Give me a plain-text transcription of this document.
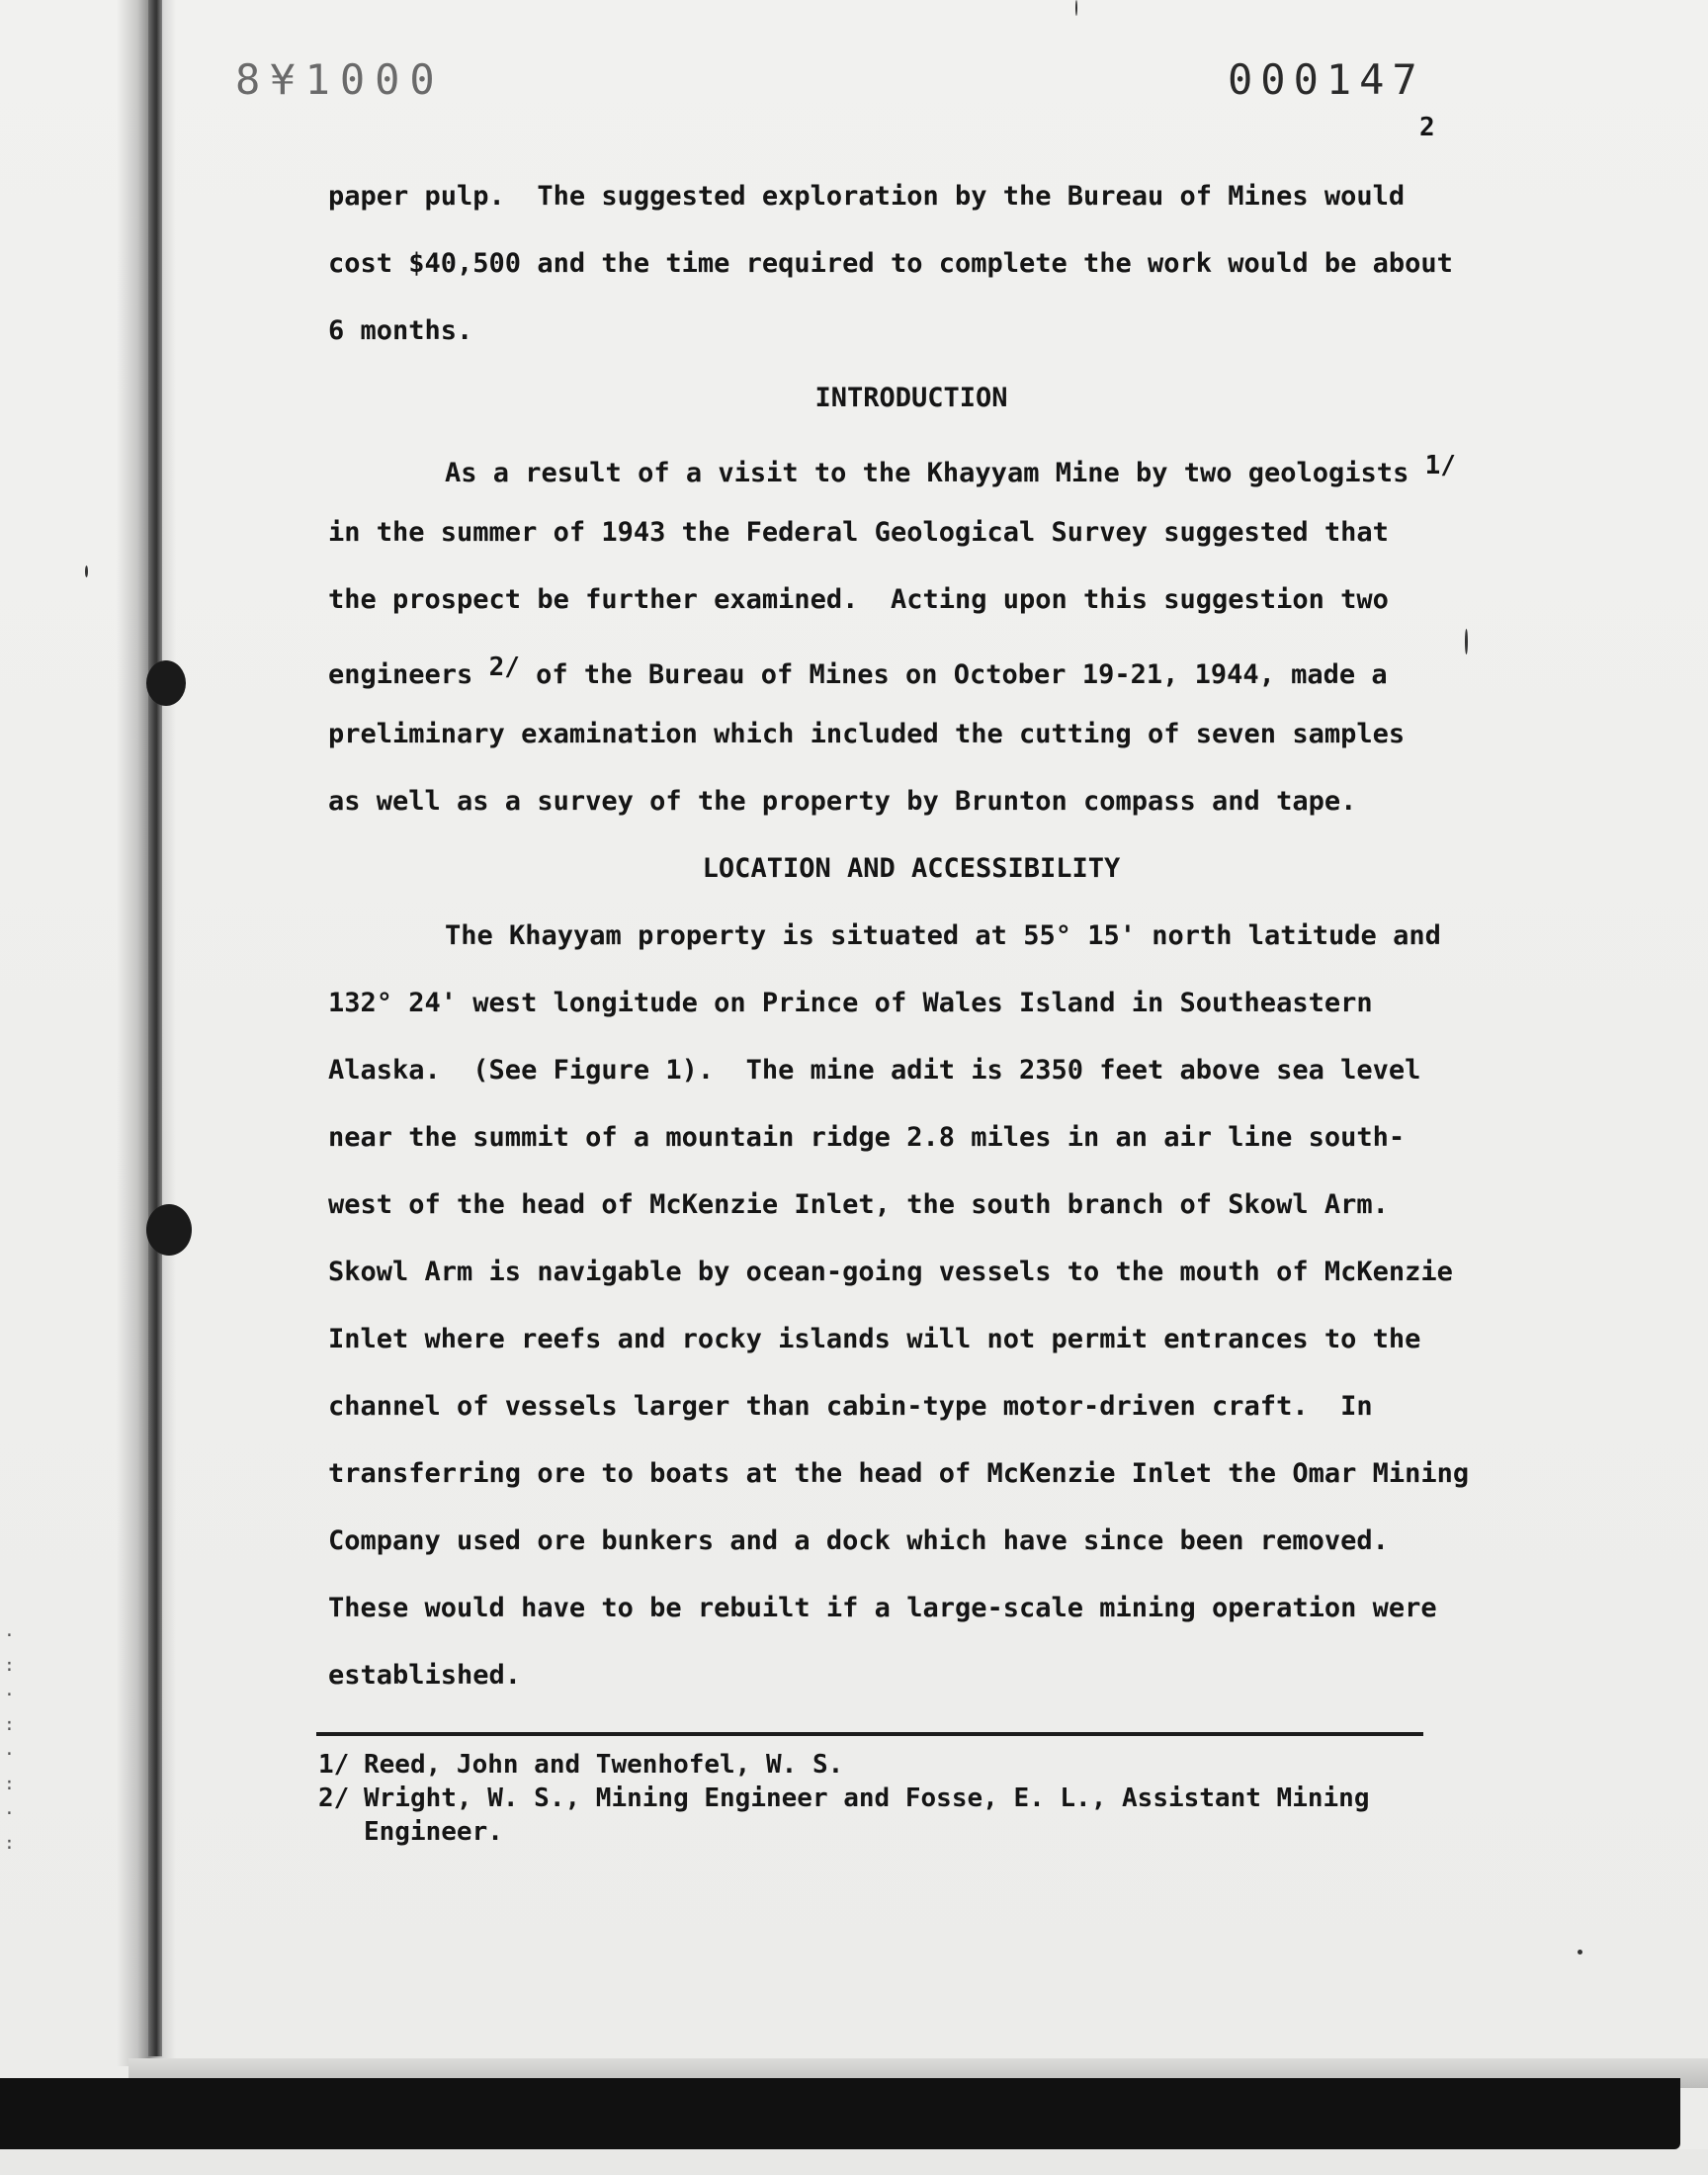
·
:
·
:
·
:
·
:
8¥1000	000147
2
paper pulp.  The suggested exploration by the Bureau of Mines would
cost $40,500 and the time required to complete the work would be about
6 months.
INTRODUCTION
As a result of a visit to the Khayyam Mine by two geologists 1/
in the summer of 1943 the Federal Geological Survey suggested that
the prospect be further examined.  Acting upon this suggestion two
engineers 2/ of the Bureau of Mines on October 19-21, 1944, made a
preliminary examination which included the cutting of seven samples
as well as a survey of the property by Brunton compass and tape.
LOCATION AND ACCESSIBILITY
The Khayyam property is situated at 55° 15' north latitude and
132° 24' west longitude on Prince of Wales Island in Southeastern
Alaska.  (See Figure 1).  The mine adit is 2350 feet above sea level
near the summit of a mountain ridge 2.8 miles in an air line south-
west of the head of McKenzie Inlet, the south branch of Skowl Arm.
Skowl Arm is navigable by ocean-going vessels to the mouth of McKenzie
Inlet where reefs and rocky islands will not permit entrances to the
channel of vessels larger than cabin-type motor-driven craft.  In
transferring ore to boats at the head of McKenzie Inlet the Omar Mining
Company used ore bunkers and a dock which have since been removed.
These would have to be rebuilt if a large-scale mining operation were
established.
1/ Reed, John and Twenhofel, W. S.
2/ Wright, W. S., Mining Engineer and Fosse, E. L., Assistant Mining
Engineer.
